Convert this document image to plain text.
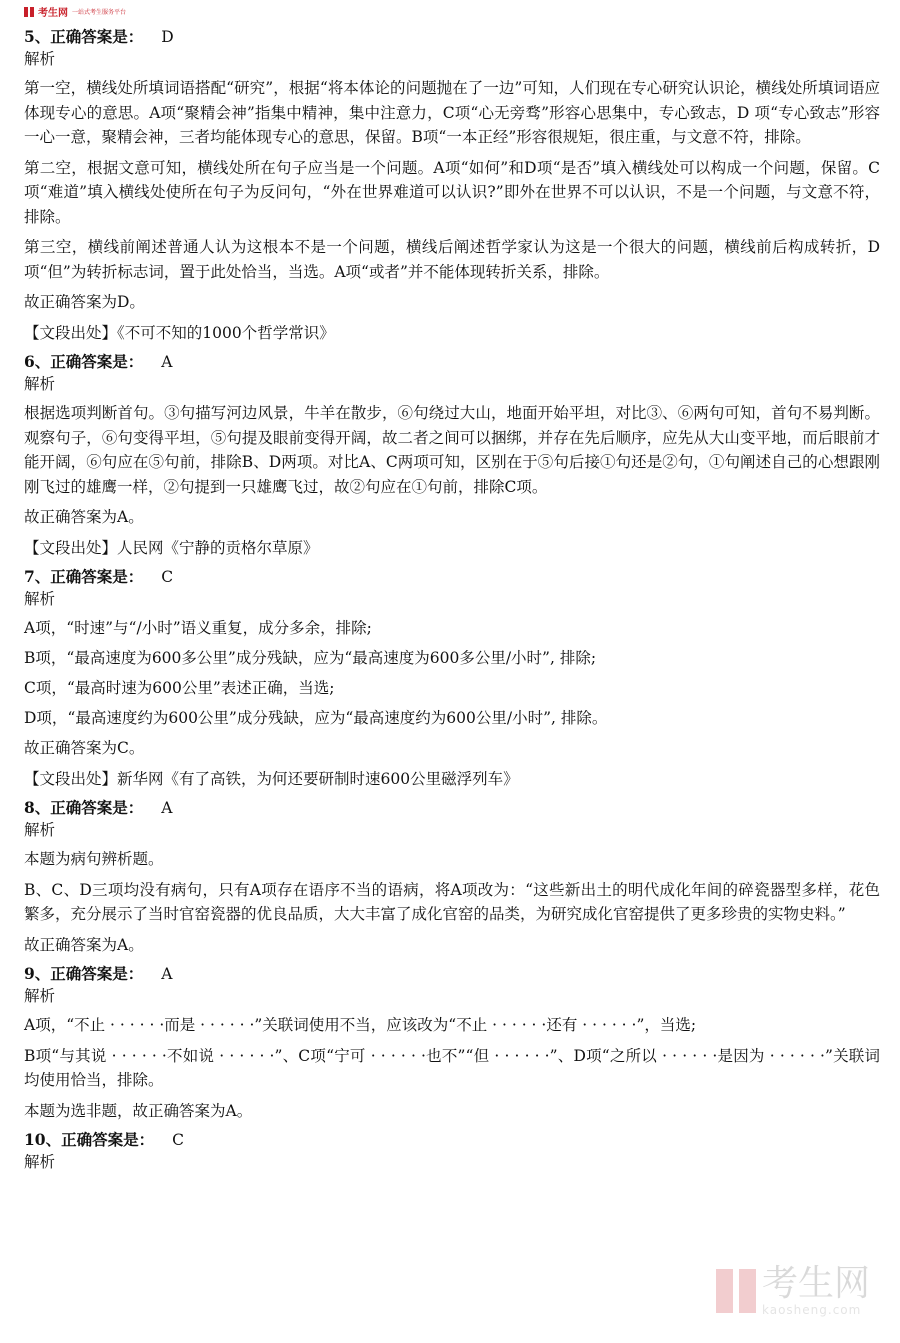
考生网 一站式考生服务平台
5、正确答案是： D
解析

第一空，横线处所填词语搭配“研究”，根据“将本体论的问题抛在了一边”可知，人们现在专心研究认识论，横线处所填词语应体现专心的意思。A项“聚精会神”指集中精神，集中注意力，C项“心无旁骛”形容心思集中，专心致志，D 项“专心致志”形容一心一意，聚精会神，三者均能体现专心的意思，保留。B项“一本正经”形容很规矩，很庄重，与文意不符，排除。

第二空，根据文意可知，横线处所在句子应当是一个问题。A项“如何”和D项“是否”填入横线处可以构成一个问题，保留。C项“难道”填入横线处使所在句子为反问句，“外在世界难道可以认识?”即外在世界不可以认识，不是一个问题，与文意不符，排除。

第三空，横线前阐述普通人认为这根本不是一个问题，横线后阐述哲学家认为这是一个很大的问题，横线前后构成转折，D 项“但”为转折标志词，置于此处恰当，当选。A项“或者”并不能体现转折关系，排除。

故正确答案为D。

【文段出处】《不可不知的1000个哲学常识》

6、正确答案是： A
解析

根据选项判断首句。③句描写河边风景，牛羊在散步，⑥句绕过大山，地面开始平坦，对比③、⑥两句可知，首句不易判断。观察句子，⑥句变得平坦，⑤句提及眼前变得开阔，故二者之间可以捆绑，并存在先后顺序，应先从大山变平地，而后眼前才能开阔，⑥句应在⑤句前，排除B、D两项。对比A、C两项可知，区别在于⑤句后接①句还是②句，①句阐述自己的心想跟刚刚飞过的雄鹰一样，②句提到一只雄鹰飞过，故②句应在①句前，排除C项。

故正确答案为A。

【文段出处】人民网《宁静的贡格尔草原》

7、正确答案是： C
解析

A项，“时速”与“/小时”语义重复，成分多余，排除;

B项，“最高速度为600多公里”成分残缺，应为“最高速度为600多公里/小时”, 排除;

C项，“最高时速为600公里”表述正确，当选;

D项，“最高速度约为600公里”成分残缺，应为“最高速度约为600公里/小时”, 排除。

故正确答案为C。

【文段出处】新华网《有了高铁，为何还要研制时速600公里磁浮列车》

8、正确答案是： A
解析

本题为病句辨析题。

B、C、D三项均没有病句，只有A项存在语序不当的语病，将A项改为：“这些新出土的明代成化年间的碎瓷器型多样，花色繁多，充分展示了当时官窑瓷器的优良品质，大大丰富了成化官窑的品类，为研究成化官窑提供了更多珍贵的实物史料。”

故正确答案为A。

9、正确答案是： A
解析

A项，“不止 · · · · · ·而是 · · · · · ·”关联词使用不当，应该改为“不止 · · · · · ·还有 · · · · · ·”，当选;

B项“与其说 · · · · · ·不如说 · · · · · ·”、C项“宁可 · · · · · ·也不”“但 · · · · · ·”、D项“之所以 · · · · · ·是因为 · · · · · ·”关联词均使用恰当，排除。

本题为选非题，故正确答案为A。

10、正确答案是： C
解析
考生网
kaosheng.com
